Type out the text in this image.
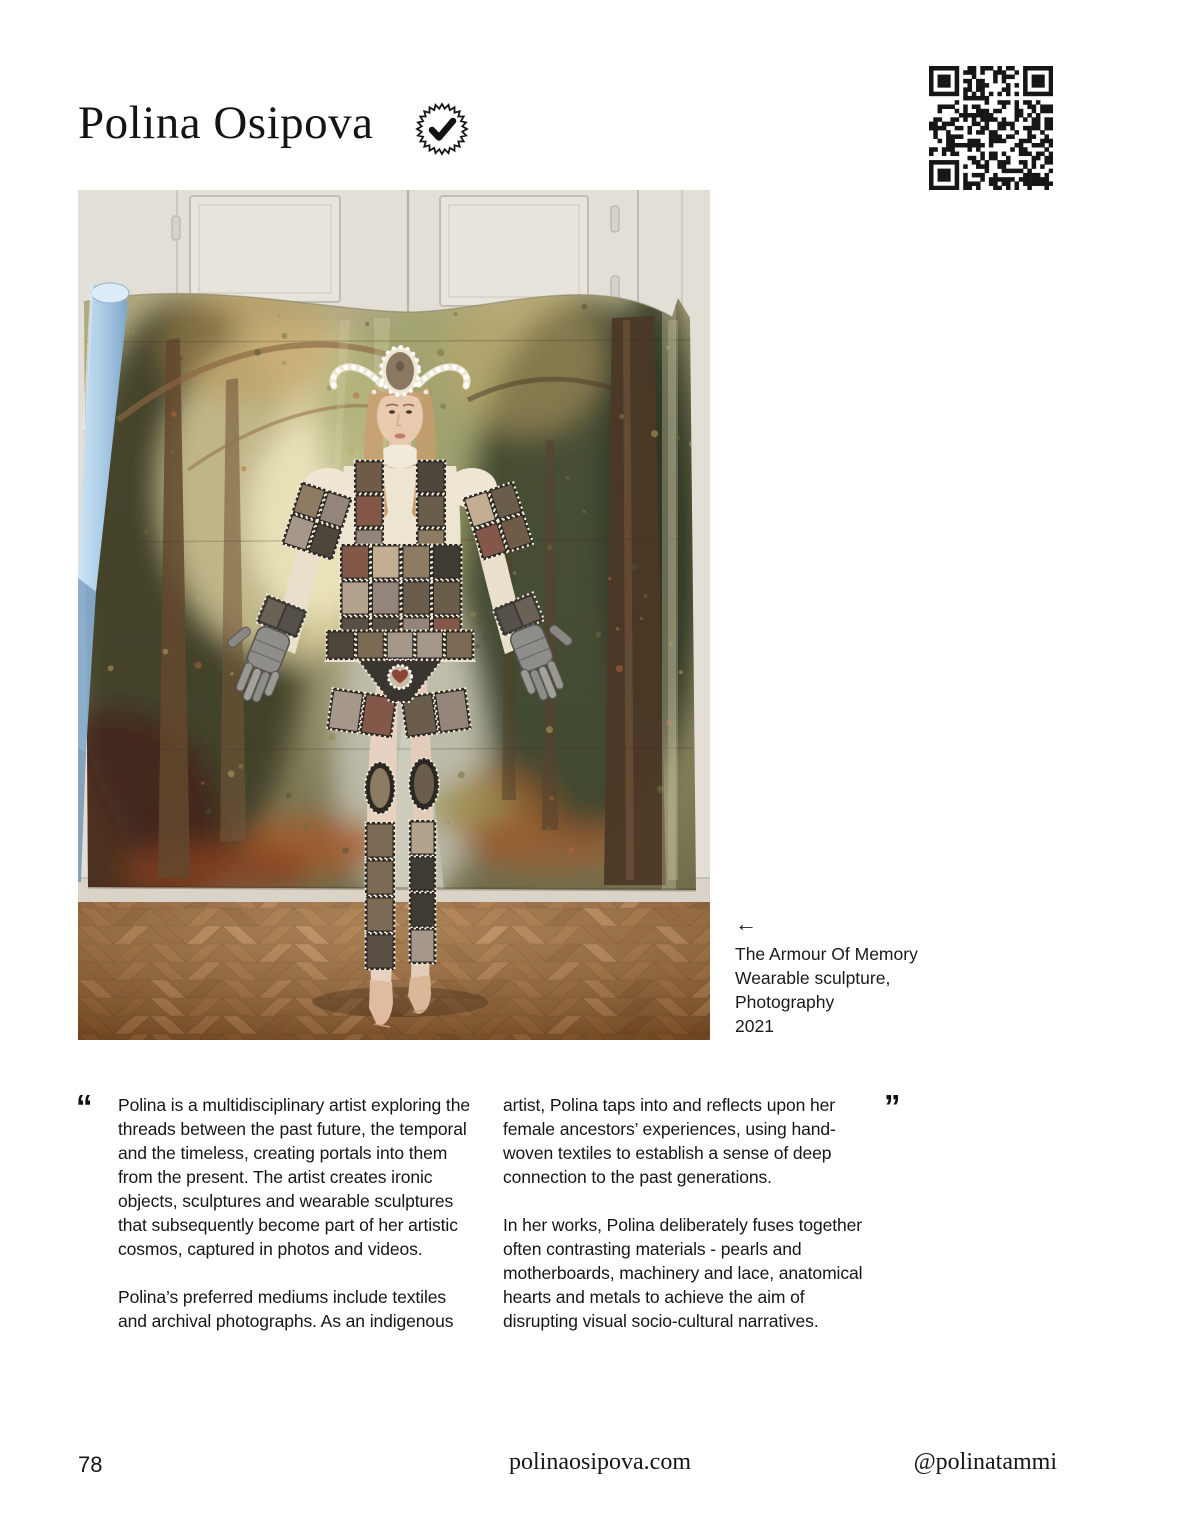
Polina Osipova
←
The Armour Of Memory
Wearable sculpture,
Photography
2021
“ Polina is a multidisciplinary artist exploring the threads between the past future, the temporal and the timeless, creating portals into them from the present. The artist creates ironic objects, sculptures and wearable sculptures that subsequently become part of her artistic cosmos, captured in photos and videos.

Polina’s preferred mediums include textiles and archival photographs. As an indigenous

artist, Polina taps into and reflects upon her female ancestors’ experiences, using hand-woven textiles to establish a sense of deep connection to the past generations.

In her works, Polina deliberately fuses together often contrasting materials - pearls and motherboards, machinery and lace, anatomical hearts and metals to achieve the aim of disrupting visual socio-cultural narratives.

”
78	polinaosipova.com	@polinatammi
